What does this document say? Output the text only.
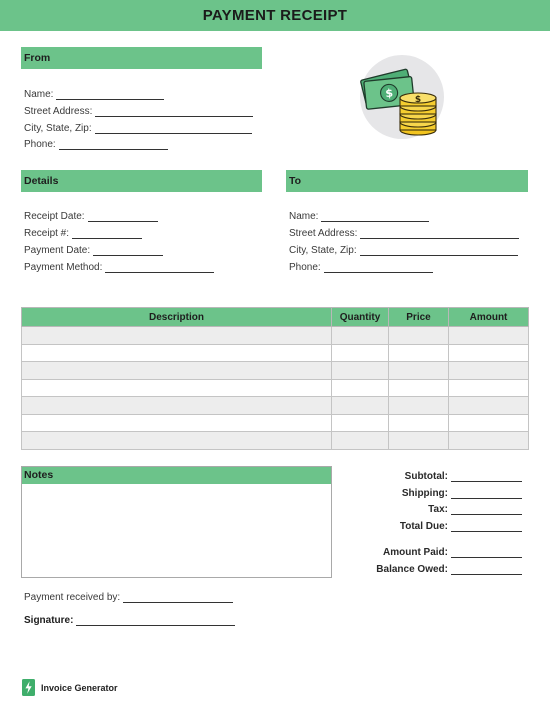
PAYMENT RECEIPT
From
Name:
Street Address:
City, State, Zip:
Phone:
$ $
Details
Receipt Date:
Receipt #:
Payment Date:
Payment Method:
To
Name:
Street Address:
City, State, Zip:
Phone:
Description	Quantity	Price	Amount

Notes	Subtotal:
Shipping:
Tax:
Total Due:
Amount Paid:
Balance Owed:
Payment received by:
Signature:
Invoice Generator
